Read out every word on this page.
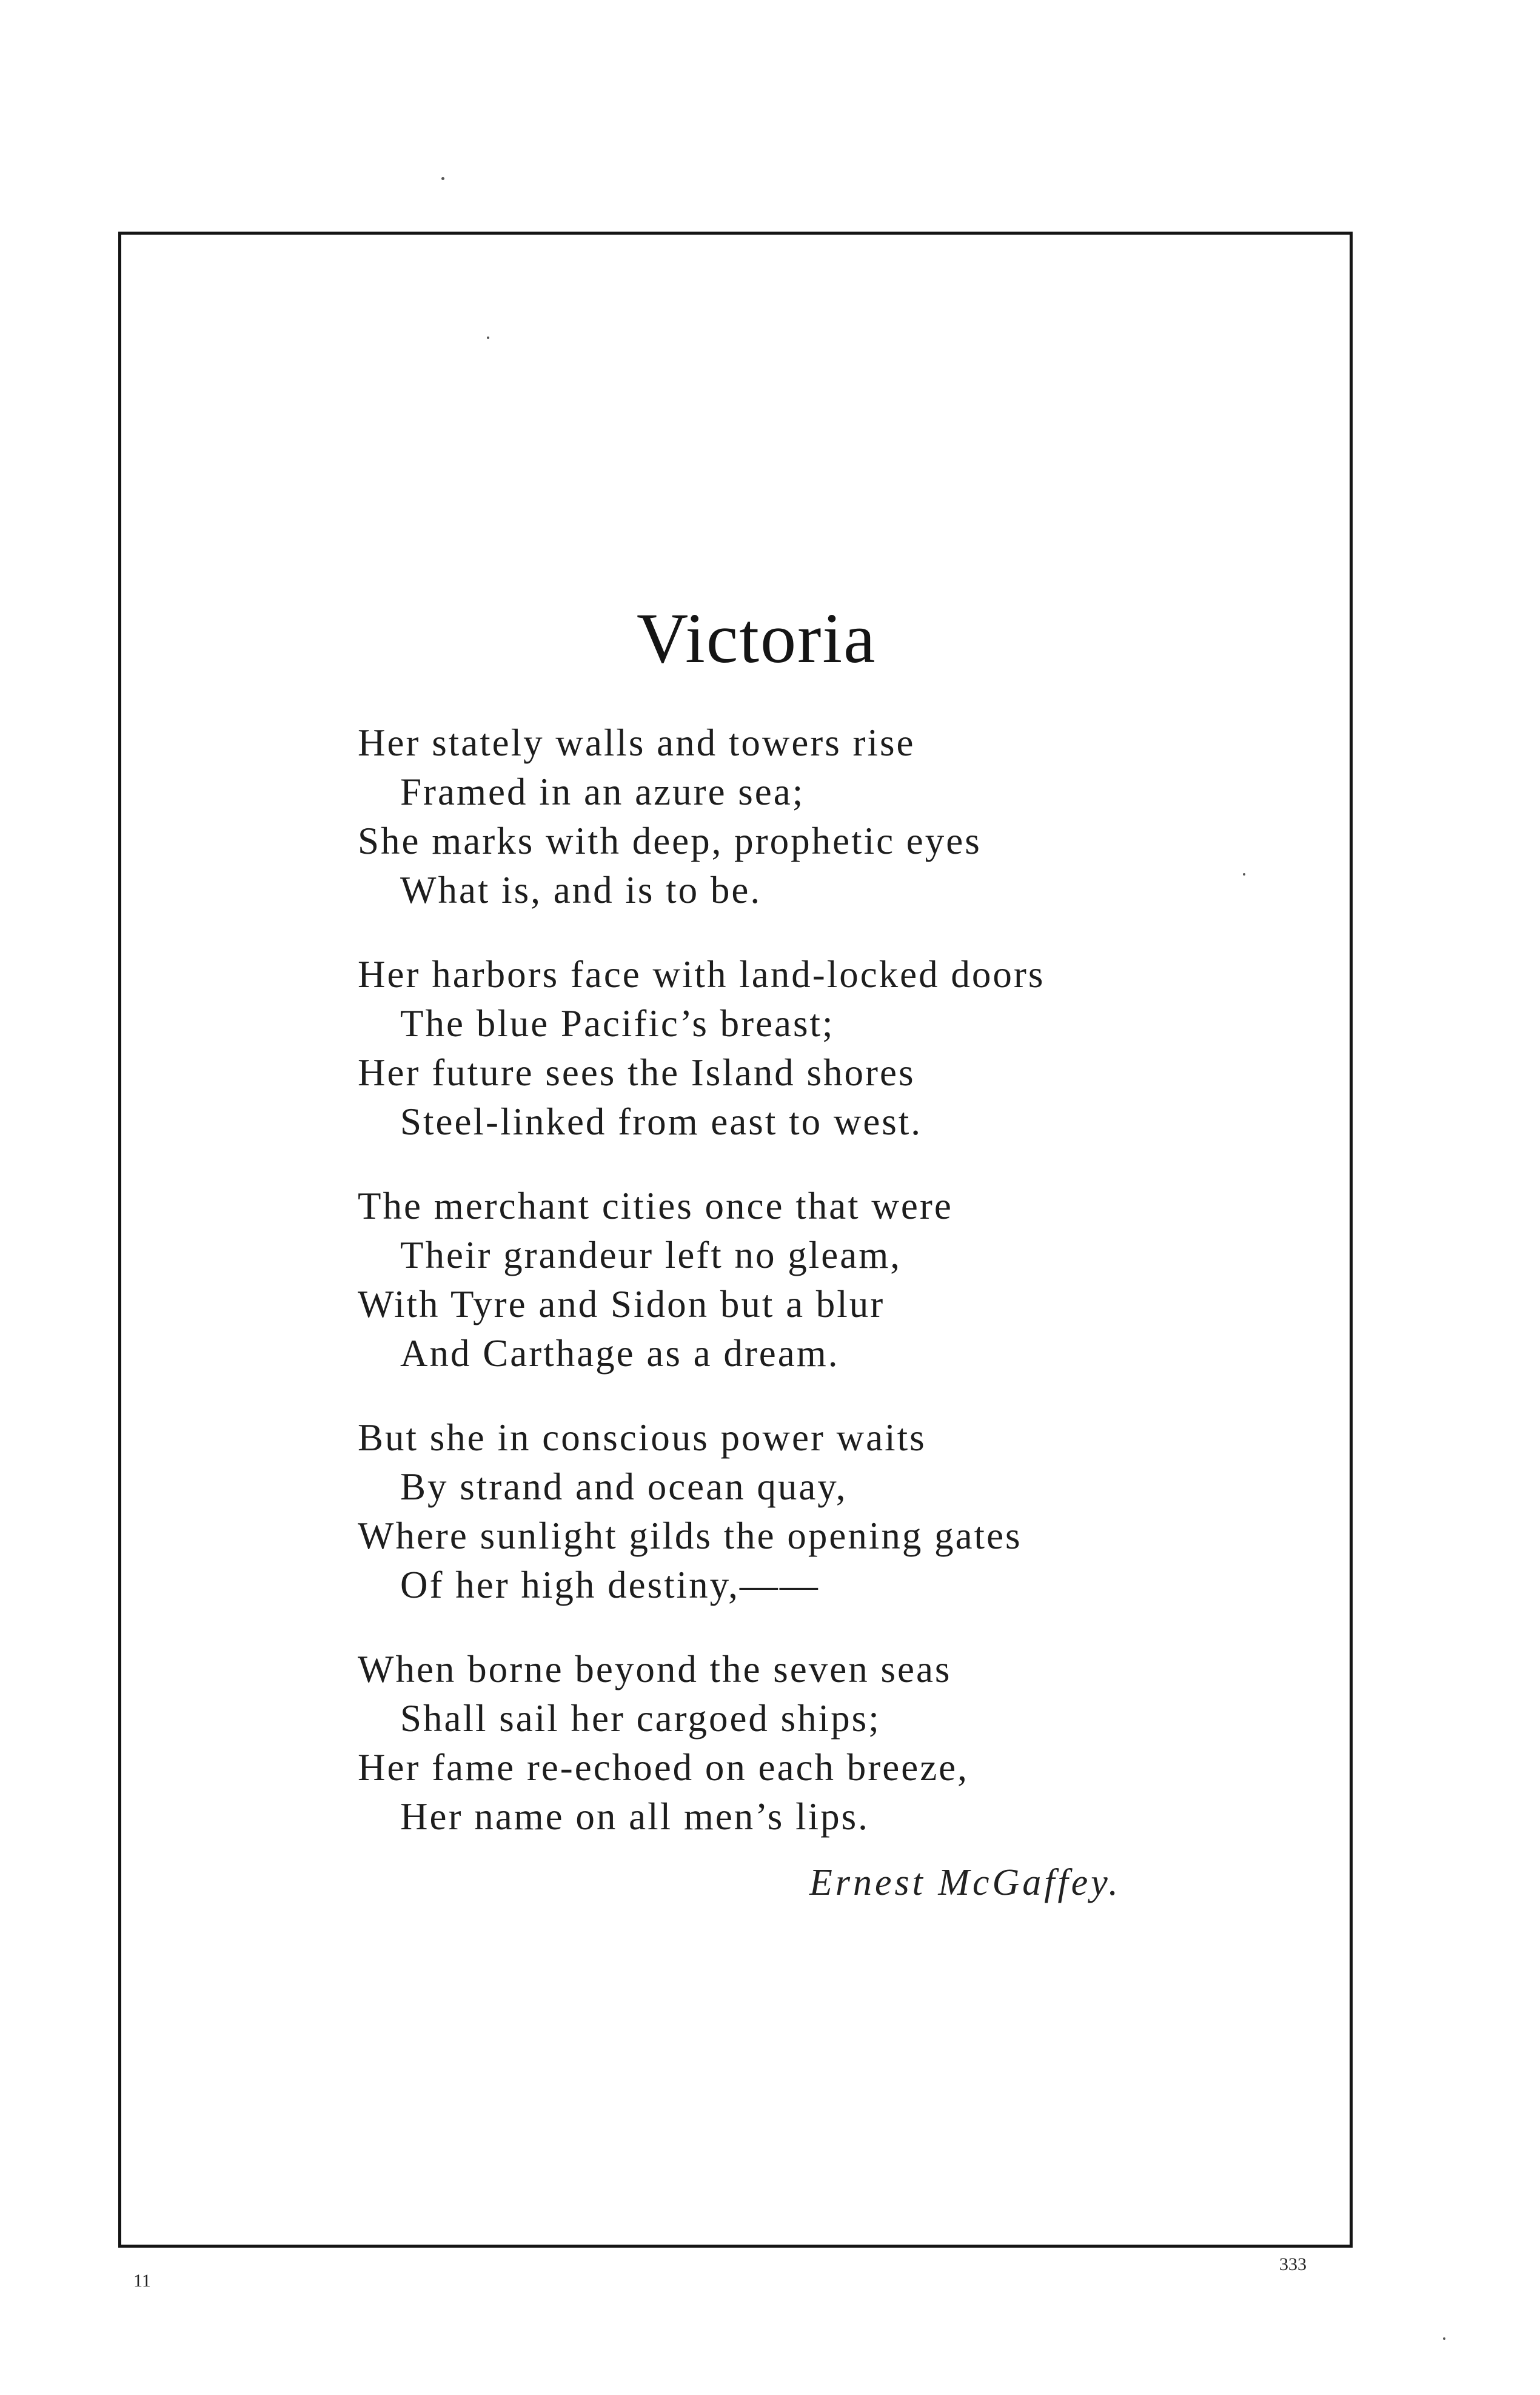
Victoria
Her stately walls and towers rise
Framed in an azure sea;
She marks with deep, prophetic eyes
What is, and is to be.
Her harbors face with land-locked doors
The blue Pacific’s breast;
Her future sees the Island shores
Steel-linked from east to west.
The merchant cities once that were
Their grandeur left no gleam,
With Tyre and Sidon but a blur
And Carthage as a dream.
But she in conscious power waits
By strand and ocean quay,
Where sunlight gilds the opening gates
Of her high destiny,——
When borne beyond the seven seas
Shall sail her cargoed ships;
Her fame re-echoed on each breeze,
Her name on all men’s lips.
Ernest McGaffey.
11
333
